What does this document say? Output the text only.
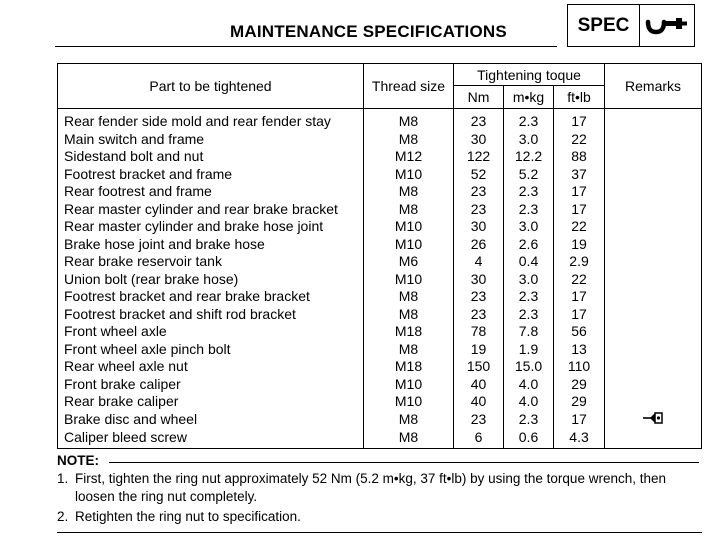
MAINTENANCE SPECIFICATIONS	SPEC
Part to be tightened	Thread size	Tightening toque			Remarks
		Nm	m•kg	ft•lb	
Rear fender side mold and rear fender stay	M8	23	2.3	17	
Main switch and frame	M8	30	3.0	22	
Sidestand bolt and nut	M12	122	12.2	88	
Footrest bracket and frame	M10	52	5.2	37	
Rear footrest and frame	M8	23	2.3	17	
Rear master cylinder and rear brake bracket	M8	23	2.3	17	
Rear master cylinder and brake hose joint	M10	30	3.0	22	
Brake hose joint and brake hose	M10	26	2.6	19	
Rear brake reservoir tank	M6	4	0.4	2.9	
Union bolt (rear brake hose)	M10	30	3.0	22	
Footrest bracket and rear brake bracket	M8	23	2.3	17	
Footrest bracket and shift rod bracket	M8	23	2.3	17	
Front wheel axle	M18	78	7.8	56	
Front wheel axle pinch bolt	M8	19	1.9	13	
Rear wheel axle nut	M18	150	15.0	110	
Front brake caliper	M10	40	4.0	29	
Rear brake caliper	M10	40	4.0	29	
Brake disc and wheel	M8	23	2.3	17	
Caliper bleed screw	M8	6	0.6	4.3	
NOTE:
1. First, tighten the ring nut approximately 52 Nm (5.2 m•kg, 37 ft•lb) by using the torque wrench, then loosen the ring nut completely.
2. Retighten the ring nut to specification.
